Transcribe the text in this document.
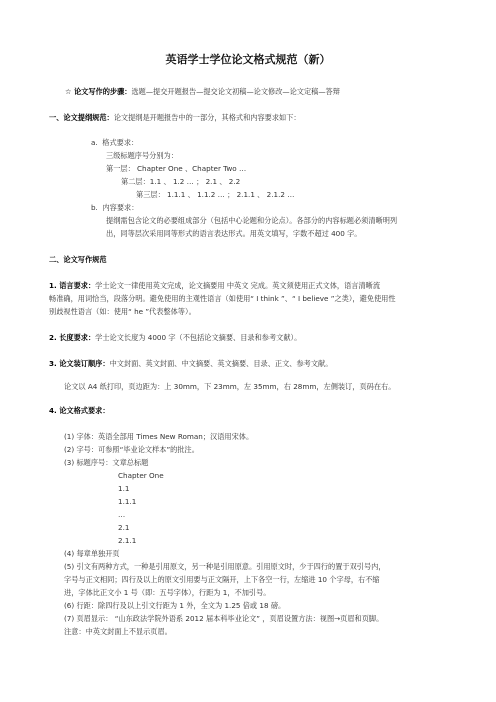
英语学士学位论文格式规范（新）
☆ 论文写作的步骤：选题—提交开题报告—提交论文初稿—论文修改—论文定稿—答辩
一、论文提纲规范：论文提纲是开题报告中的一部分，其格式和内容要求如下：
a. 格式要求：
三级标题序号分别为：
第一层： Chapter One 、Chapter Two …
第二层：1.1 、 1.2 … ； 2.1 、 2.2
第三层： 1.1.1 、 1.1.2 … ； 2.1.1 、 2.1.2 …
b. 内容要求：
提纲需包含论文的必要组成部分（包括中心论题和分论点）。各部分的内容标题必须清晰明列
出，同等层次采用同等形式的语言表达形式。用英文填写，字数不超过 400 字。
二、论文写作规范
1. 语言要求：学士论文一律使用英文完成，论文摘要用 中英文 完成。英文须使用正式文体，语言清晰流
畅准确，用词恰当，段落分明。避免使用的主观性语言（如使用“ I think ”、“ I believe ”之类），避免使用性
别歧视性语言（如：使用“ he ”代表整体等）。
2. 长度要求：学士论文长度为 4000 字（不包括论文摘要、目录和参考文献）。
3. 论文装订顺序：中文封面、英文封面、中文摘要、英文摘要、目录、正文、参考文献。
论文以 A4 纸打印，页边距为：上 30mm，下 23mm，左 35mm，右 28mm，左侧装订，页码在右。
4. 论文格式要求：
(1) 字体：英语全部用 Times New Roman；汉语用宋体。
(2) 字号：可参照“毕业论文样本”的批注。
(3) 标题序号：文章总标题
Chapter One
1.1
1.1.1
…
2.1
2.1.1
(4) 每章单独开页
(5) 引文有两种方式，一种是引用原文，另一种是引用原意。引用原文时，少于四行的置于双引号内，
字号与正文相同；四行及以上的原文引用要与正文隔开，上下各空一行，左缩进 10 个字母，右不缩
进，字体比正文小 1 号（即：五号字体），行距为 1，不加引号。
(6) 行距：除四行及以上引文行距为 1 外，全文为 1.25 倍或 18 磅。
(7) 页眉显示： “山东政法学院外语系 2012 届本科毕业论文” ，页眉设置方法：视图→页眉和页脚。
注意：中英文封面上不显示页眉。
